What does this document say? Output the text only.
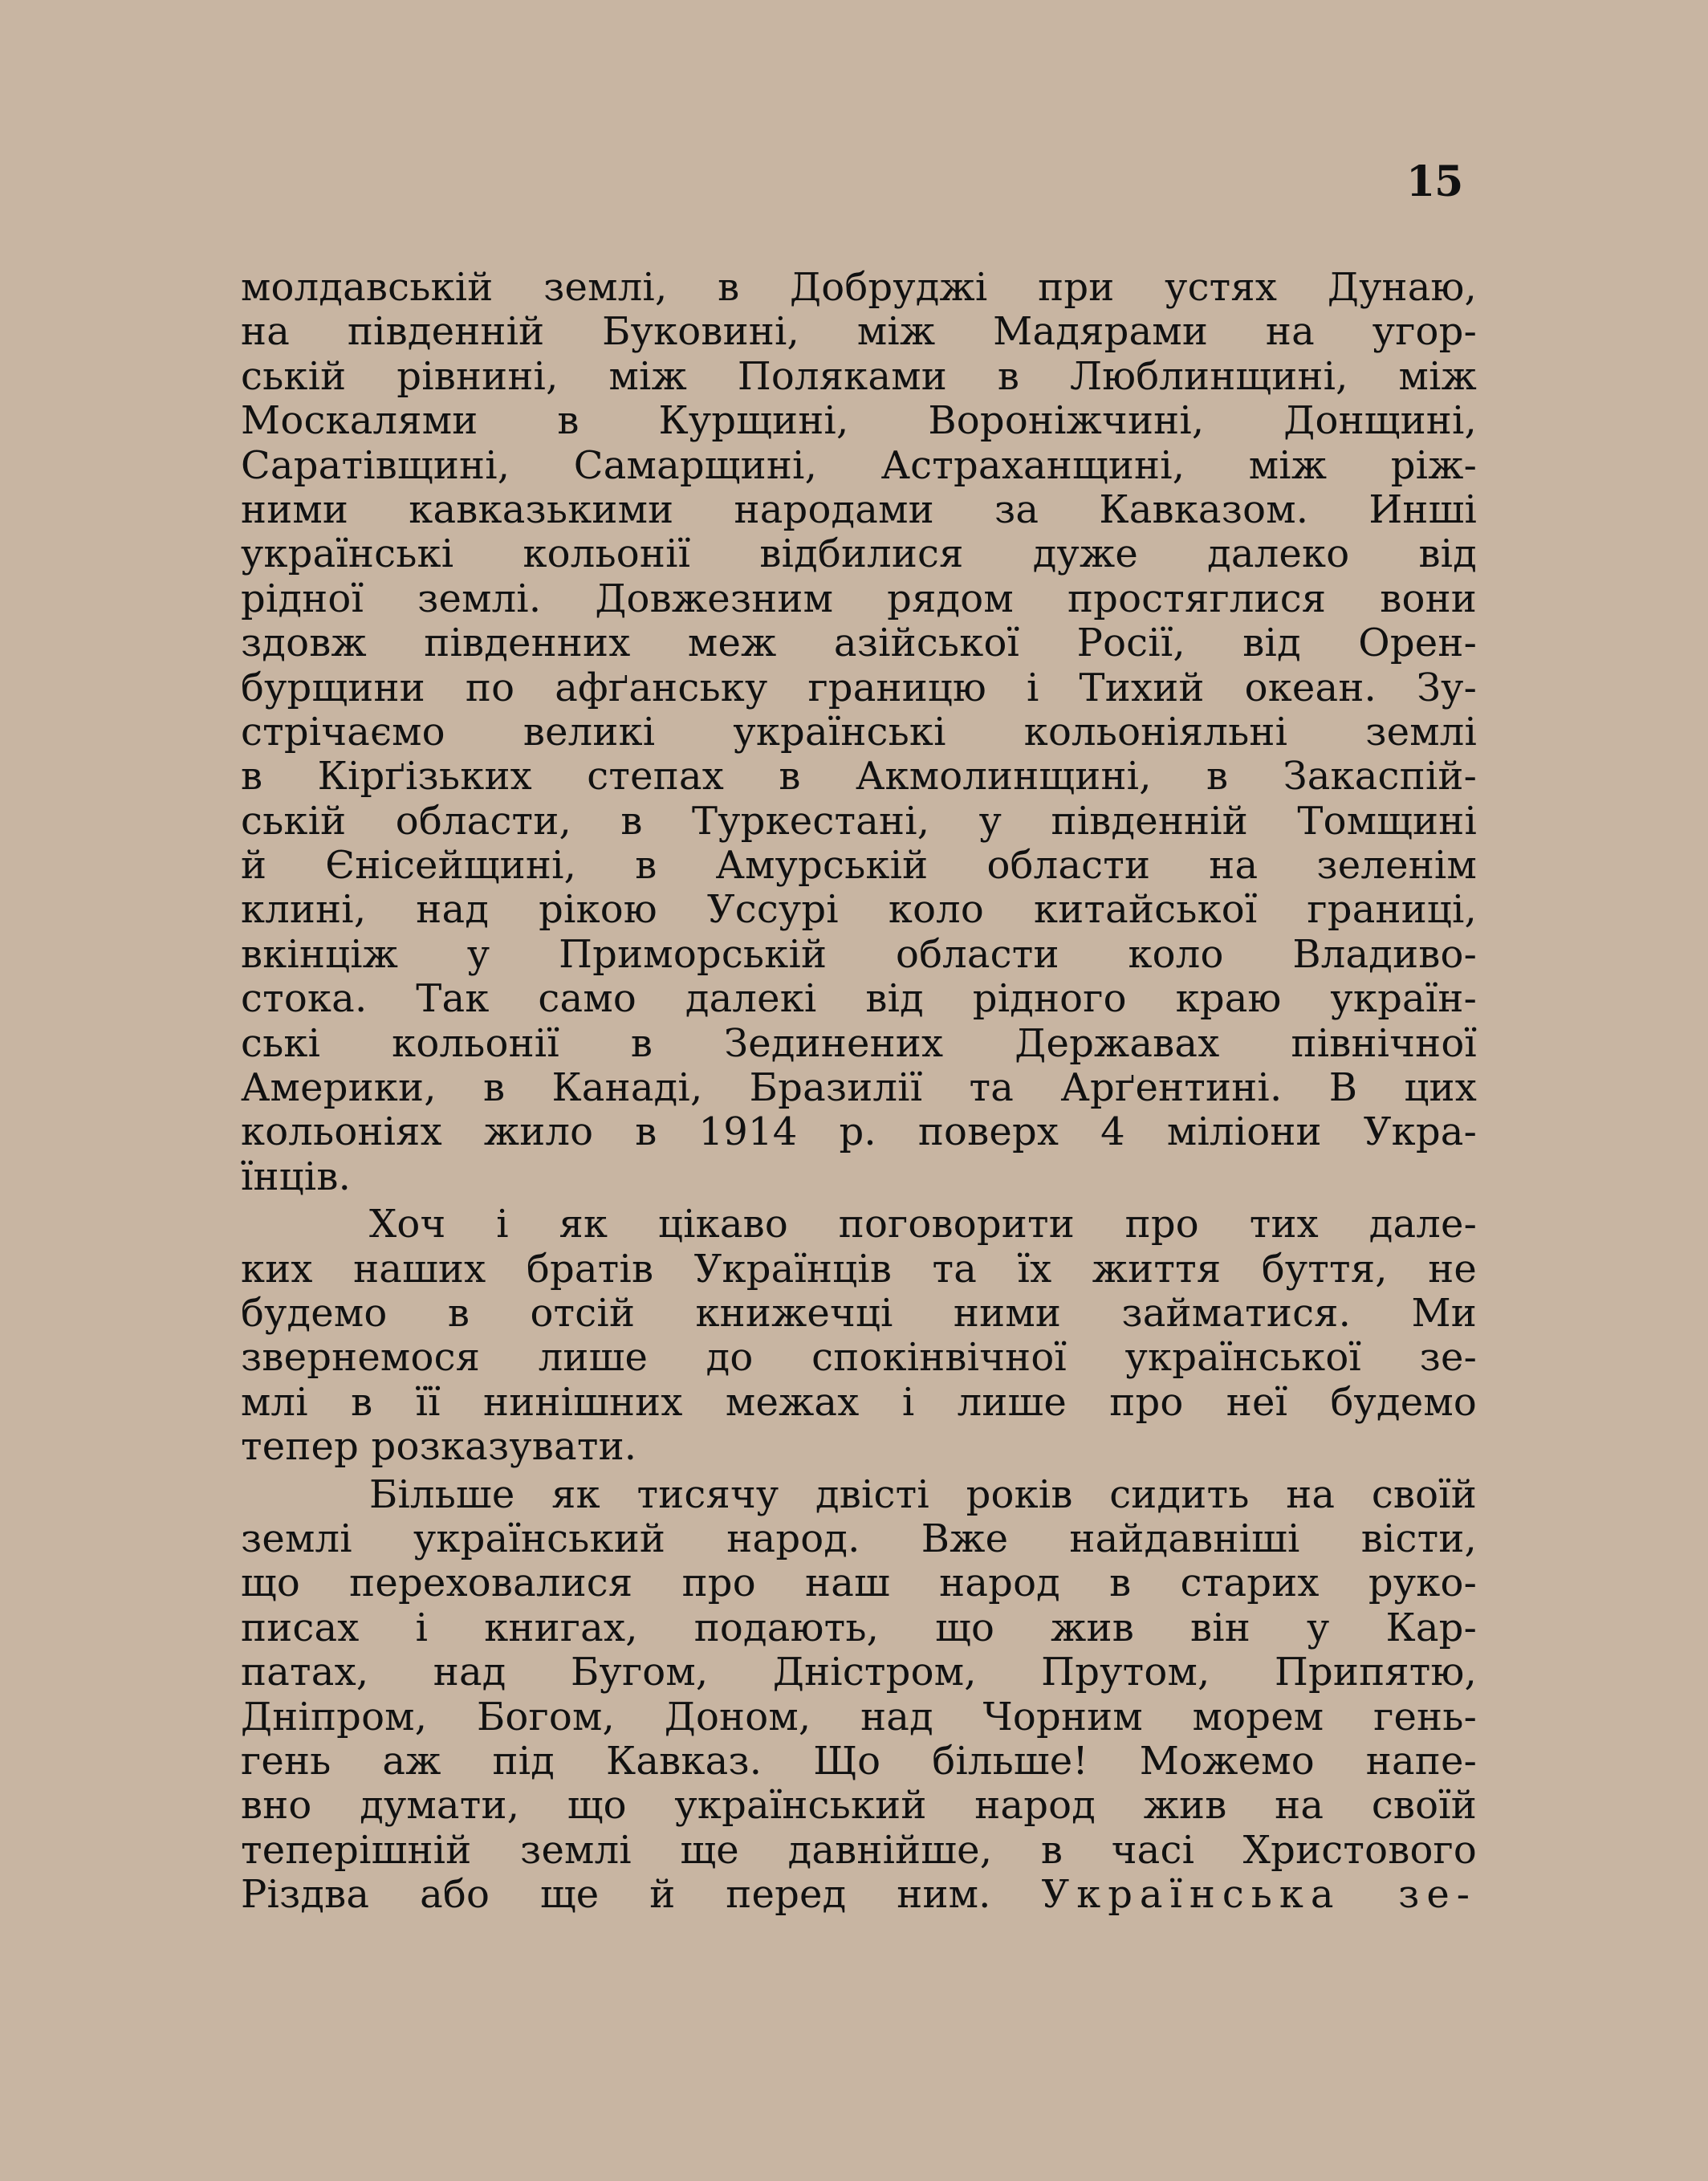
15
молдавській землі, в Добруджі при устях Дунаю,
на південній Буковині, між Мадярами на угор-
ській рівнині, між Поляками в Люблинщині, між
Москалями в Курщині, Вороніжчині, Донщині,
Саратівщині, Самарщині, Астраханщині, між ріж-
ними кавказькими народами за Кавказом. Инші
українські кольонії відбилися дуже далеко від
рідної землі. Довжезним рядом простяглися вони
здовж південних меж азійської Росії, від Орен-
бурщини по афґанську границю і Тихий океан. Зу-
стрічаємо великі українські кольоніяльні землі
в Кірґізьких степах в Акмолинщині, в Закаспій-
ській области, в Туркестані, у південній Томщині
й Єнісейщині, в Амурській области на зеленім
клині, над рікою Уссурі коло китайської границі,
вкінціж у Приморській области коло Владиво-
стока. Так само далекі від рідного краю україн-
ські кольонії в Зединених Державах північної
Америки, в Канаді, Бразилії та Арґентині. В цих
кольоніях жило в 1914 р. поверх 4 міліони Укра-
їнців.
Хоч і як цікаво поговорити про тих дале-
ких наших братів Українців та їх життя буття, не
будемо в отсій книжечці ними займатися. Ми
звернемося лише до спокінвічної української зе-
млі в її нинішних межах і лише про неї будемо
тепер розказувати.
Більше як тисячу двісті років сидить на своїй
землі український народ. Вже найдавніші вісти,
що переховалися про наш народ в старих руко-
писах і книгах, подають, що жив він у Кар-
патах, над Бугом, Дністром, Прутом, Припятю,
Дніпром, Богом, Доном, над Чорним морем гень-
гень аж під Кавказ. Що більше! Можемо напе-
вно думати, що український народ жив на своїй
теперішній землі ще давнійше, в часі Христового
Різдва або ще й перед ним. Українська зе-
